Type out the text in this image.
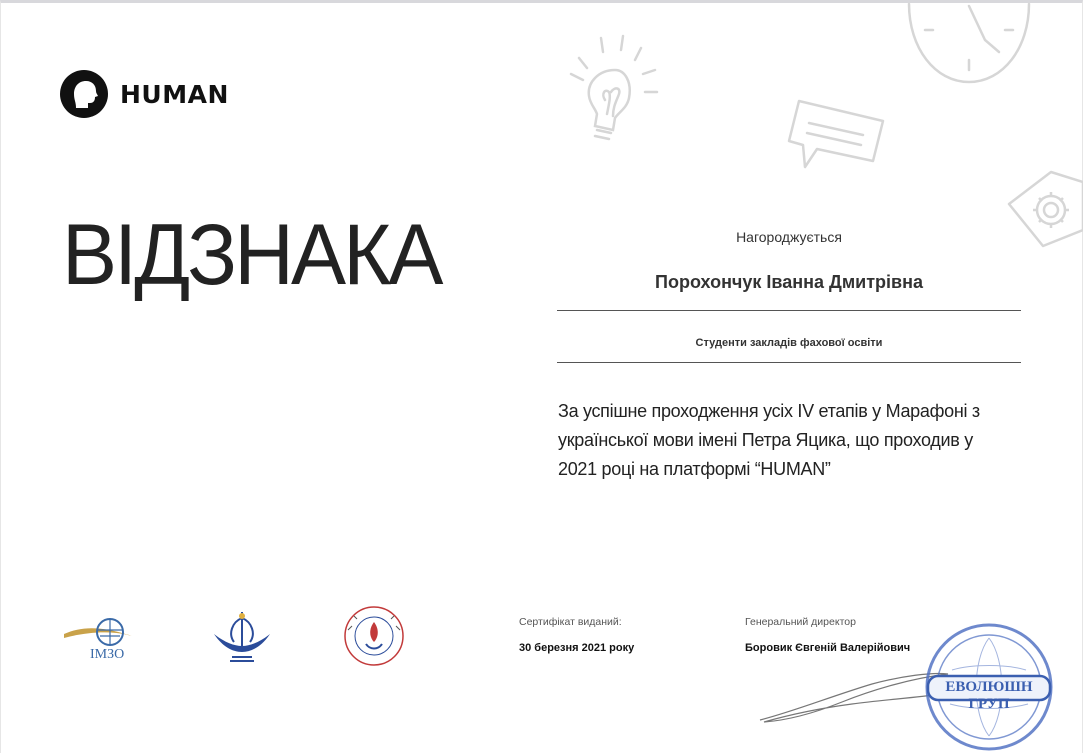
HUMAN
ВІДЗНАКА	Нагороджується
Порохончук Іванна Дмитрівна
Студенти закладів фахової освіти
За успішне проходження усіх IV етапів у Марафоні з української мови імені Петра Яцика, що проходив у 2021 році на платформі “HUMAN”
ІМЗО
Сертифікат виданий:
30 березня 2021 року
Генеральний директор
Боровик Євгеній Валерійович
ЕВОЛЮШН ГРУП
